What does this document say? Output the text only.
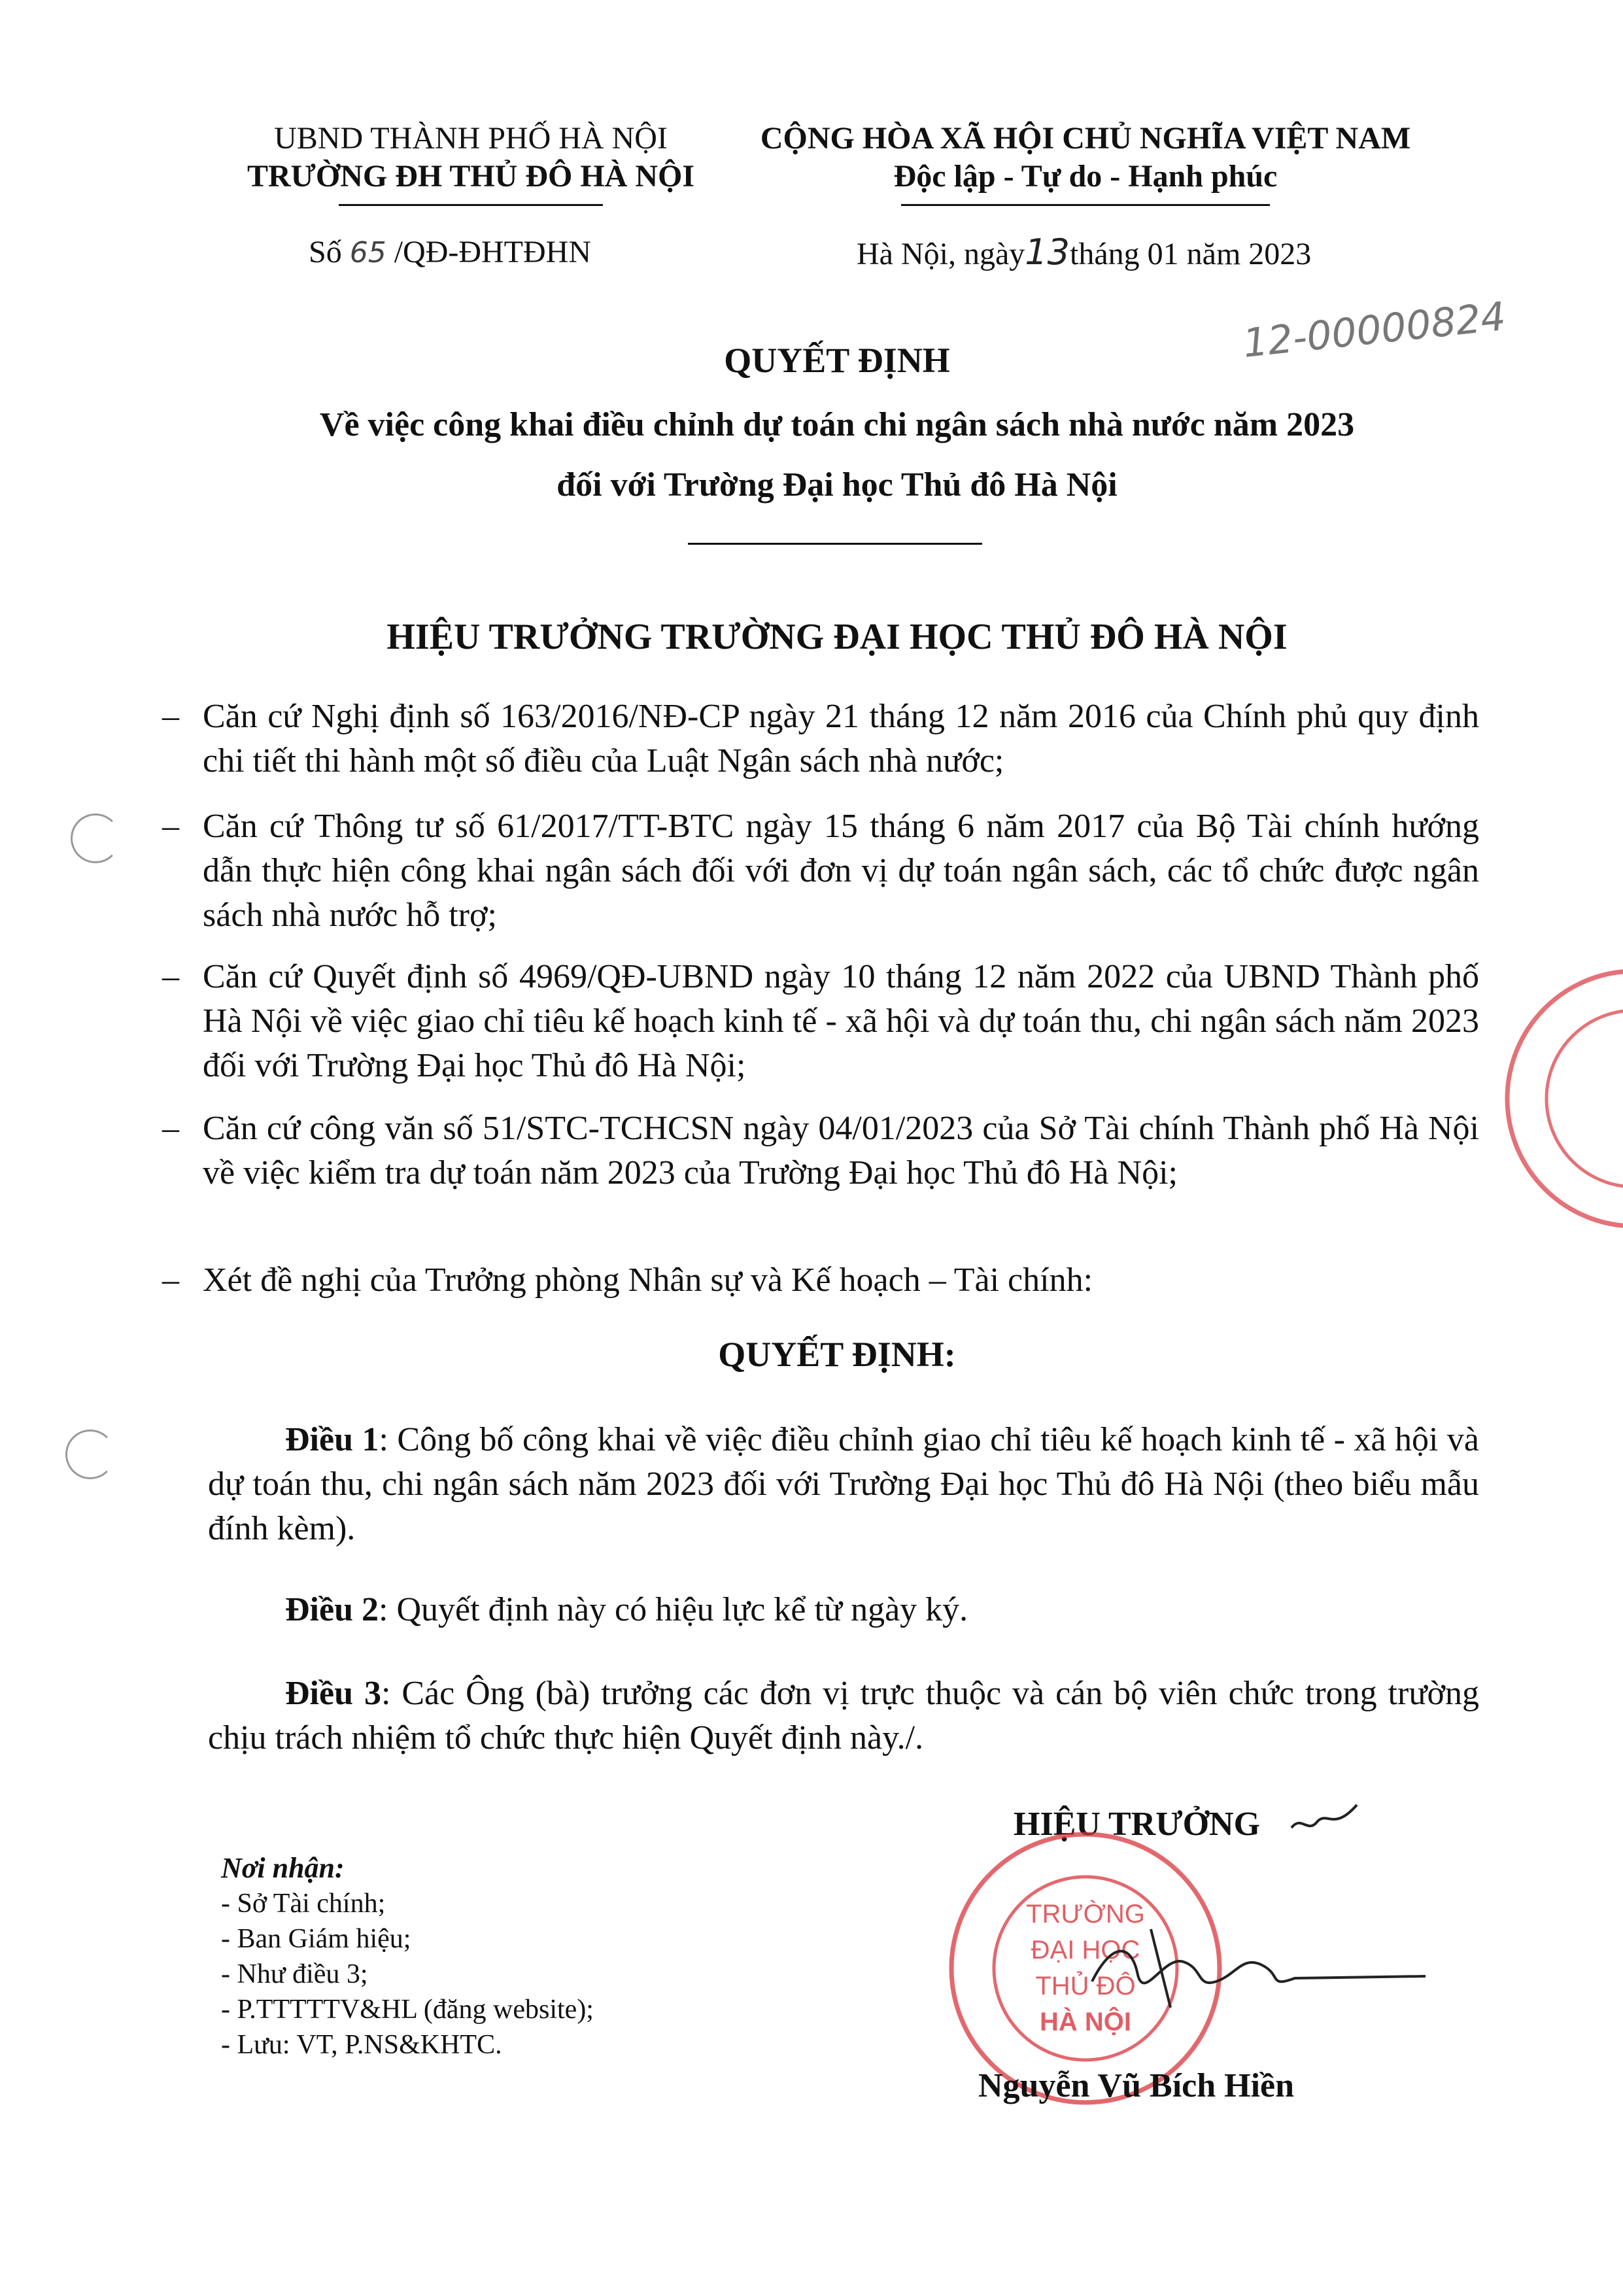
UBND THÀNH PHỐ HÀ NỘI
TRƯỜNG ĐH THỦ ĐÔ HÀ NỘI
CỘNG HÒA XÃ HỘI CHỦ NGHĨA VIỆT NAM
Độc lập - Tự do - Hạnh phúc
Số 65 /QĐ-ĐHTĐHN	Hà Nội, ngày13tháng 01 năm 2023
12-00000824
QUYẾT ĐỊNH
Về việc công khai điều chỉnh dự toán chi ngân sách nhà nước năm 2023
đối với Trường Đại học Thủ đô Hà Nội
HIỆU TRƯỞNG TRƯỜNG ĐẠI HỌC THỦ ĐÔ HÀ NỘI
– Căn cứ Nghị định số 163/2016/NĐ-CP ngày 21 tháng 12 năm 2016 của Chính phủ quy định chi tiết thi hành một số điều của Luật Ngân sách nhà nước;
– Căn cứ Thông tư số 61/2017/TT-BTC ngày 15 tháng 6 năm 2017 của Bộ Tài chính hướng dẫn thực hiện công khai ngân sách đối với đơn vị dự toán ngân sách, các tổ chức được ngân sách nhà nước hỗ trợ;
– Căn cứ Quyết định số 4969/QĐ-UBND ngày 10 tháng 12 năm 2022 của UBND Thành phố Hà Nội về việc giao chỉ tiêu kế hoạch kinh tế - xã hội và dự toán thu, chi ngân sách năm 2023 đối với Trường Đại học Thủ đô Hà Nội;
– Căn cứ công văn số 51/STC-TCHCSN ngày 04/01/2023 của Sở Tài chính Thành phố Hà Nội về việc kiểm tra dự toán năm 2023 của Trường Đại học Thủ đô Hà Nội;
– Xét đề nghị của Trưởng phòng Nhân sự và Kế hoạch – Tài chính:
QUYẾT ĐỊNH:
Điều 1: Công bố công khai về việc điều chỉnh giao chỉ tiêu kế hoạch kinh tế - xã hội và dự toán thu, chi ngân sách năm 2023 đối với Trường Đại học Thủ đô Hà Nội (theo biểu mẫu đính kèm).
Điều 2: Quyết định này có hiệu lực kể từ ngày ký.
Điều 3: Các Ông (bà) trưởng các đơn vị trực thuộc và cán bộ viên chức trong trường chịu trách nhiệm tổ chức thực hiện Quyết định này./.
Nơi nhận:
- Sở Tài chính;
- Ban Giám hiệu;
- Như điều 3;
- P.TTTTTV&HL (đăng website);
- Lưu: VT, P.NS&KHTC.
HIỆU TRƯỞNG
TRƯỜNG
ĐẠI HỌC
THỦ ĐÔ
HÀ NỘI
Nguyễn Vũ Bích Hiền
